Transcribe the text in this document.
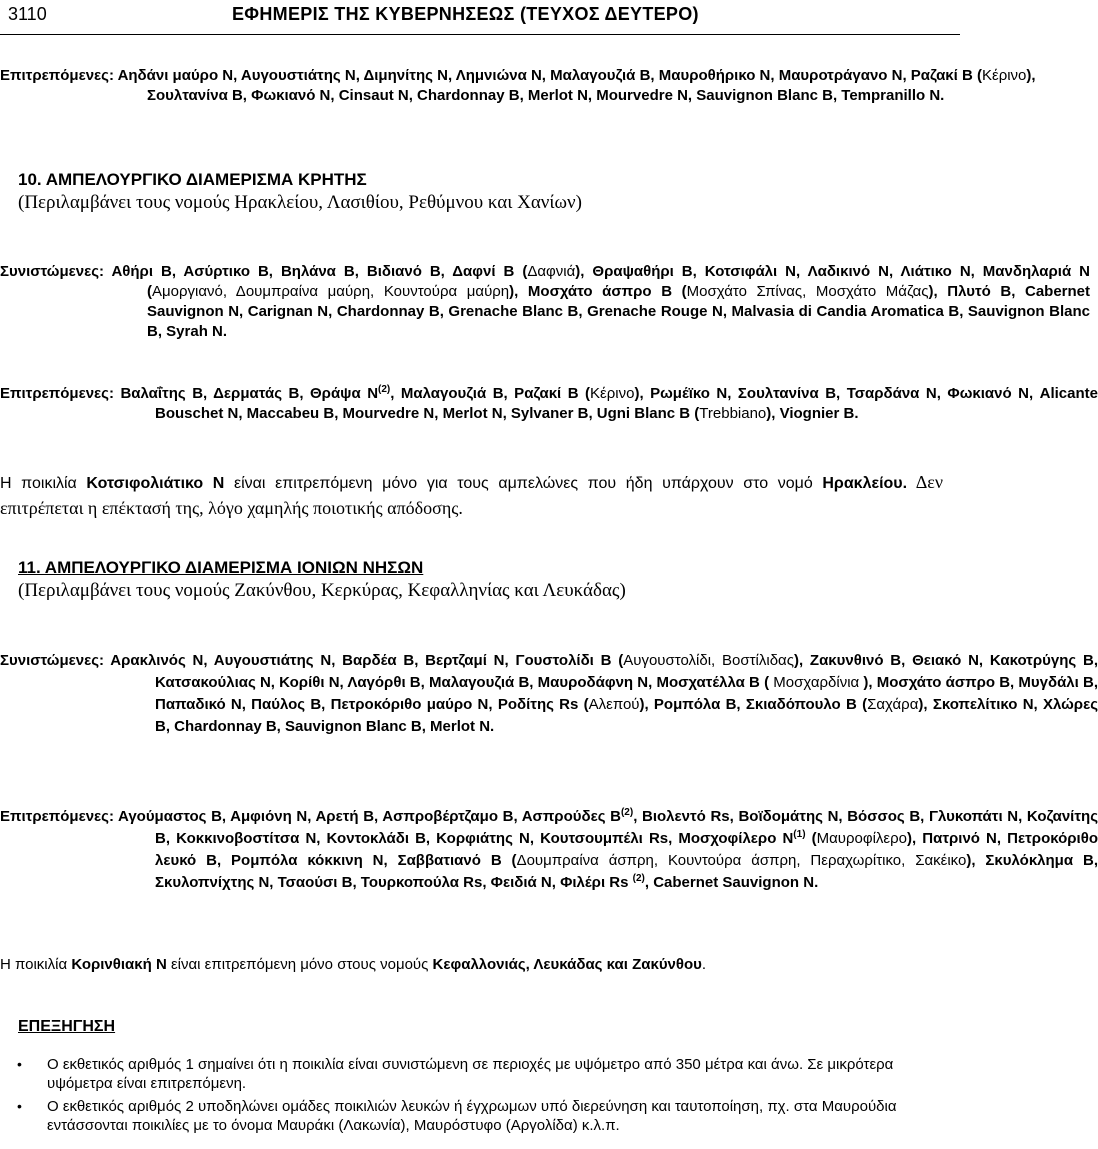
3110	ΕΦΗΜΕΡΙΣ ΤΗΣ ΚΥΒΕΡΝΗΣΕΩΣ (ΤΕΥΧΟΣ ΔΕΥΤΕΡΟ)
Επιτρεπόμενες: Αηδάνι μαύρο Ν, Αυγουστιάτης Ν, Διμηνίτης Ν, Λημνιώνα Ν, Μαλαγουζιά Β, Μαυροθήρικο Ν, Μαυροτράγανο Ν, Ραζακί Β (Κέρινο), Σουλτανίνα Β, Φωκιανό Ν, Cinsaut Ν, Chardonnay Β, Merlot Ν, Mourvedre Ν, Sauvignon Blanc Β, Tempranillo Ν.
10. ΑΜΠΕΛΟΥΡΓΙΚΟ ΔΙΑΜΕΡΙΣΜΑ ΚΡΗΤΗΣ
(Περιλαμβάνει τους νομούς Ηρακλείου, Λασιθίου, Ρεθύμνου και Χανίων)
Συνιστώμενες: Αθήρι Β, Ασύρτικο Β, Βηλάνα Β, Βιδιανό Β, Δαφνί Β (Δαφνιά), Θραψαθήρι Β, Κοτσιφάλι Ν, Λαδικινό Ν, Λιάτικο Ν, Μανδηλαριά Ν (Αμοργιανό, Δουμπραίνα μαύρη, Κουντούρα μαύρη), Μοσχάτο άσπρο Β (Μοσχάτο Σπίνας, Μοσχάτο Μάζας), Πλυτό Β, Cabernet Sauvignon Ν, Carignan Ν, Chardonnay Β, Grenache Blanc Β, Grenache Rouge Ν, Malvasia di Candia Aromatica Β, Sauvignon Blanc Β, Syrah Ν.
Επιτρεπόμενες: Βαλαΐτης Β, Δερματάς Β, Θράψα $N^{(2)}$, Μαλαγουζιά Β, Ραζακί Β (Κέρινο), Ρωμέϊκο Ν, Σουλτανίνα Β, Τσαρδάνα Ν, Φωκιανό Ν, Alicante Bouschet Ν, Maccabeu Β, Mourvedre Ν, Merlot Ν, Sylvaner Β, Ugni Blanc Β (Trebbiano), Viognier Β.
Η ποικιλία Κοτσιφολιάτικο Ν είναι επιτρεπόμενη μόνο για τους αμπελώνες που ήδη υπάρχουν στο νομό Ηρακλείου. Δεν επιτρέπεται η επέκτασή της, λόγο χαμηλής ποιοτικής απόδοσης.
11. ΑΜΠΕΛΟΥΡΓΙΚΟ ΔΙΑΜΕΡΙΣΜΑ ΙΟΝΙΩΝ ΝΗΣΩΝ
(Περιλαμβάνει τους νομούς Ζακύνθου, Κερκύρας, Κεφαλληνίας και Λευκάδας)
Συνιστώμενες: Αρακλινός Ν, Αυγουστιάτης Ν, Βαρδέα Β, Βερτζαμί Ν, Γουστολίδι Β (Αυγουστολίδι, Βοστίλιδας), Ζακυνθινό Β, Θειακό Ν, Κακοτρύγης Β, Κατσακούλιας Ν, Κορίθι Ν, Λαγόρθι Β, Μαλαγουζιά Β, Μαυροδάφνη Ν, Μοσχατέλλα Β ( Μοσχαρδίνια ), Μοσχάτο άσπρο Β, Μυγδάλι Β, Παπαδικό Ν, Παύλος Β, Πετροκόριθο μαύρο Ν, Ροδίτης Rs (Αλεπού), Ρομπόλα Β, Σκιαδόπουλο Β (Σαχάρα), Σκοπελίτικο Ν, Χλώρες Β, Chardonnay Β, Sauvignon Blanc Β, Merlot Ν.
Επιτρεπόμενες: Αγούμαστος Β, Αμφιόνη Ν, Αρετή Β, Ασπροβέρτζαμο Β, Ασπρούδες $B^{(2)}$, Βιολεντό Rs, Βοϊδομάτης Ν, Βόσσος Β, Γλυκοπάτι Ν, Κοζανίτης Β, Κοκκινοβοστίτσα Ν, Κοντοκλάδι Β, Κορφιάτης Ν, Κουτσουμπέλι Rs, Μοσχοφίλερο $N^{(1)}$ (Μαυροφίλερο), Πατρινό Ν, Πετροκόριθο λευκό Β, Ρομπόλα κόκκινη Ν, Σαββατιανό Β (Δουμπραίνα άσπρη, Κουντούρα άσπρη, Περαχωρίτικο, Σακέικο), Σκυλόκλημα Β, Σκυλοπνίχτης Ν, Τσαούσι Β, Τουρκοπούλα Rs, Φειδιά Ν, Φιλέρι Rs $^{(2)}$, Cabernet Sauvignon Ν.
Η ποικιλία Κορινθιακή Ν είναι επιτρεπόμενη μόνο στους νομούς Κεφαλλονιάς, Λευκάδας και Ζακύνθου.
ΕΠΕΞΗΓΗΣΗ
• Ο εκθετικός αριθμός 1 σημαίνει ότι η ποικιλία είναι συνιστώμενη σε περιοχές με υψόμετρο από 350 μέτρα και άνω. Σε μικρότερα υψόμετρα είναι επιτρεπόμενη.
• Ο εκθετικός αριθμός 2 υποδηλώνει ομάδες ποικιλιών λευκών ή έγχρωμων υπό διερεύνηση και ταυτοποίηση, πχ. στα Μαυρούδια εντάσσονται ποικιλίες με το όνομα Μαυράκι (Λακωνία), Μαυρόστυφο (Αργολίδα) κ.λ.π.
